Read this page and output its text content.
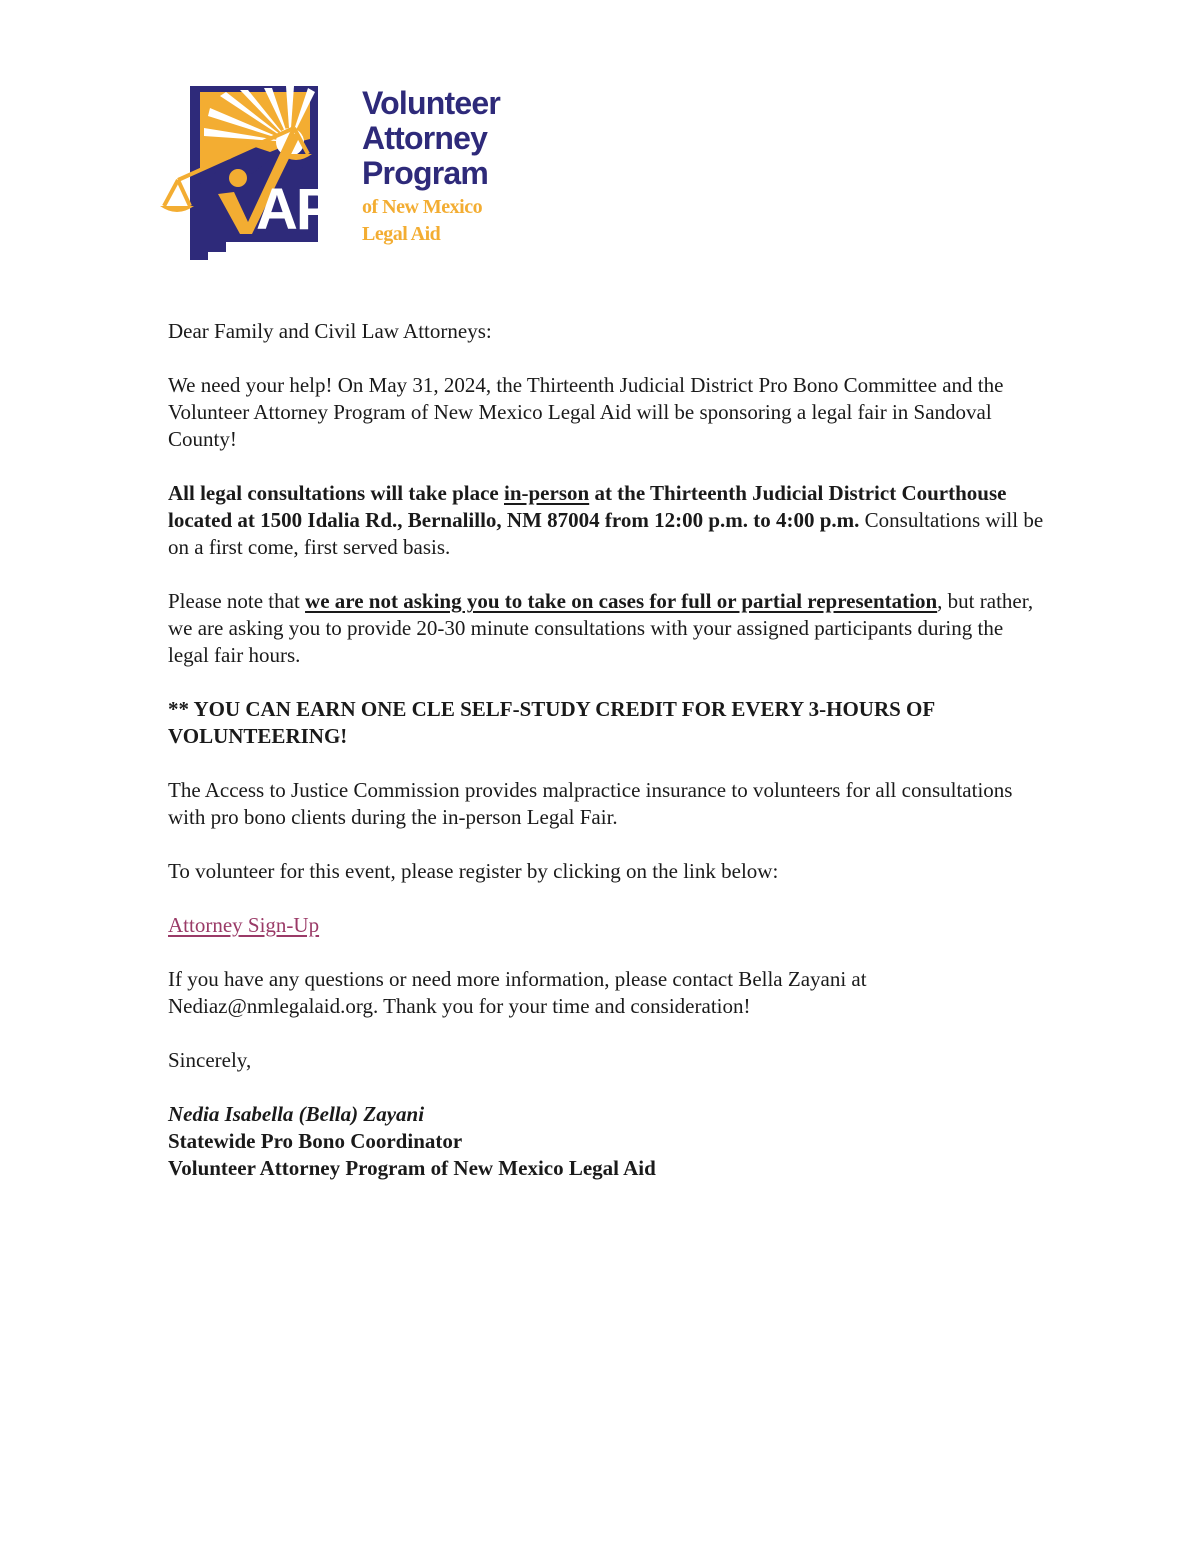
AP
Volunteer
Attorney
Program
of New Mexico
Legal Aid

Dear Family and Civil Law Attorneys:

We need your help! On May 31, 2024, the Thirteenth Judicial District Pro Bono Committee and the Volunteer Attorney Program of New Mexico Legal Aid will be sponsoring a legal fair in Sandoval County!

All legal consultations will take place in-person at the Thirteenth Judicial District Courthouse located at 1500 Idalia Rd., Bernalillo, NM 87004 from 12:00 p.m. to 4:00 p.m. Consultations will be on a first come, first served basis.

Please note that we are not asking you to take on cases for full or partial representation, but rather, we are asking you to provide 20-30 minute consultations with your assigned participants during the legal fair hours.

** YOU CAN EARN ONE CLE SELF-STUDY CREDIT FOR EVERY 3-HOURS OF VOLUNTEERING!

The Access to Justice Commission provides malpractice insurance to volunteers for all consultations with pro bono clients during the in-person Legal Fair.

To volunteer for this event, please register by clicking on the link below:

Attorney Sign-Up

If you have any questions or need more information, please contact Bella Zayani at Nediaz@nmlegalaid.org. Thank you for your time and consideration!

Sincerely,

Nedia Isabella (Bella) Zayani

Statewide Pro Bono Coordinator

Volunteer Attorney Program of New Mexico Legal Aid
